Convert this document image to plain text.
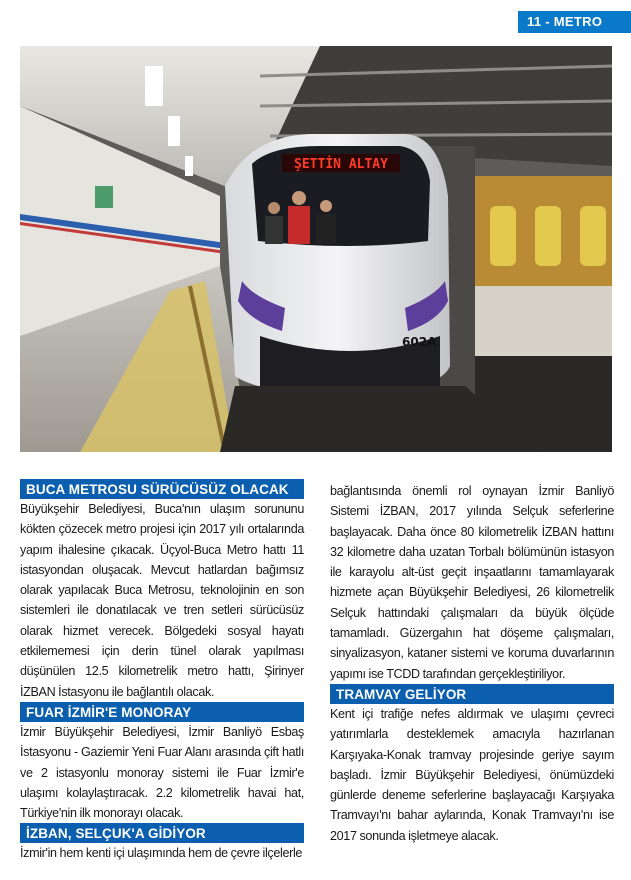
11 - METRO
ŞETTİN ALTAY
602A
BUCA METROSU SÜRÜCÜSÜZ OLACAK
Büyükşehir Belediyesi, Buca'nın ulaşım sorununu kökten çözecek metro projesi için 2017 yılı ortalarında yapım ihalesine çıkacak. Üçyol-Buca Metro hattı 11 istasyondan oluşacak. Mevcut hatlardan bağımsız olarak yapılacak Buca Metrosu, teknolojinin en son sistemleri ile donatılacak ve tren setleri sürücüsüz olarak hizmet verecek. Bölgedeki sosyal hayatı etkilememesi için derin tünel olarak yapılması düşünülen 12.5 kilometrelik metro hattı, Şirinyer İZBAN İstasyonu ile bağlantılı olacak.
FUAR İZMİR'E MONORAY
İzmir Büyükşehir Belediyesi, İzmir Banliyö Esbaş İstasyonu - Gaziemir Yeni Fuar Alanı arasında çift hatlı ve 2 istasyonlu monoray sistemi ile Fuar İzmir'e ulaşımı kolaylaştıracak. 2.2 kilometrelik havai hat, Türkiye'nin ilk monorayı olacak.
İZBAN, SELÇUK'A GİDİYOR
İzmir'in hem kenti içi ulaşımında hem de çevre ilçelerle
bağlantısında önemli rol oynayan İzmir Banliyö Sistemi İZBAN, 2017 yılında Selçuk seferlerine başlayacak. Daha önce 80 kilometrelik İZBAN hattını 32 kilometre daha uzatan Torbalı bölümünün istasyon ile karayolu alt-üst geçit inşaatlarını tamamlayarak hizmete açan Büyükşehir Belediyesi, 26 kilometrelik Selçuk hattındaki çalışmaları da büyük ölçüde tamamladı. Güzergahın hat döşeme çalışmaları, sinyalizasyon, kataner sistemi ve koruma duvarlarının yapımı ise TCDD tarafından gerçekleştiriliyor.
TRAMVAY GELİYOR
Kent içi trafiğe nefes aldırmak ve ulaşımı çevreci yatırımlarla desteklemek amacıyla hazırlanan Karşıyaka-Konak tramvay projesinde geriye sayım başladı. İzmir Büyükşehir Belediyesi, önümüzdeki günlerde deneme seferlerine başlayacağı Karşıyaka Tramvayı'nı bahar aylarında, Konak Tramvayı'nı ise 2017 sonunda işletmeye alacak.
